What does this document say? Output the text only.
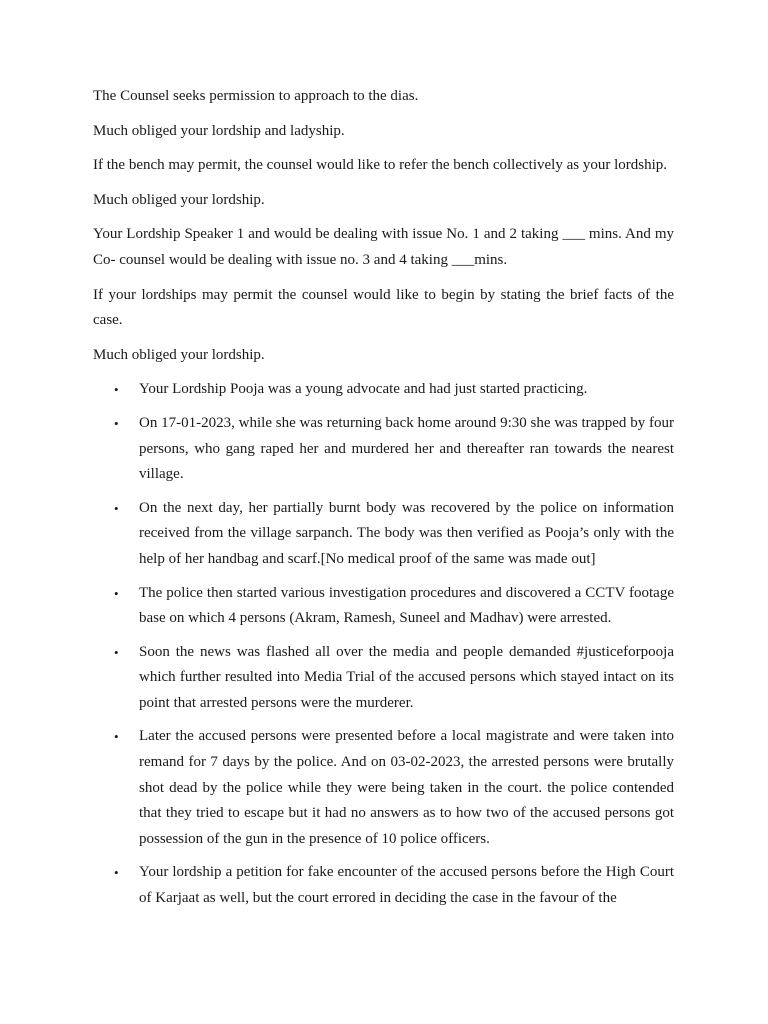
The Counsel seeks permission to approach to the dias.

Much obliged your lordship and ladyship.

If the bench may permit, the counsel would like to refer the bench collectively as your lordship.

Much obliged your lordship.

Your Lordship Speaker 1 and would be dealing with issue No. 1 and 2 taking ___ mins. And my Co- counsel would be dealing with issue no. 3 and 4 taking ___mins.

If your lordships may permit the counsel would like to begin by stating the brief facts of the case.

Much obliged your lordship.

• Your Lordship Pooja was a young advocate and had just started practicing.
• On 17-01-2023, while she was returning back home around 9:30 she was trapped by four persons, who gang raped her and murdered her and thereafter ran towards the nearest village.
• On the next day, her partially burnt body was recovered by the police on information received from the village sarpanch. The body was then verified as Pooja’s only with the help of her handbag and scarf.[No medical proof of the same was made out]
• The police then started various investigation procedures and discovered a CCTV footage base on which 4 persons (Akram, Ramesh, Suneel and Madhav) were arrested.
• Soon the news was flashed all over the media and people demanded #justiceforpooja which further resulted into Media Trial of the accused persons which stayed intact on its point that arrested persons were the murderer.
• Later the accused persons were presented before a local magistrate and were taken into remand for 7 days by the police. And on 03-02-2023, the arrested persons were brutally shot dead by the police while they were being taken in the court. the police contended that they tried to escape but it had no answers as to how two of the accused persons got possession of the gun in the presence of 10 police officers.
• Your lordship a petition for fake encounter of the accused persons before the High Court of Karjaat as well, but the court errored in deciding the case in the favour of the
